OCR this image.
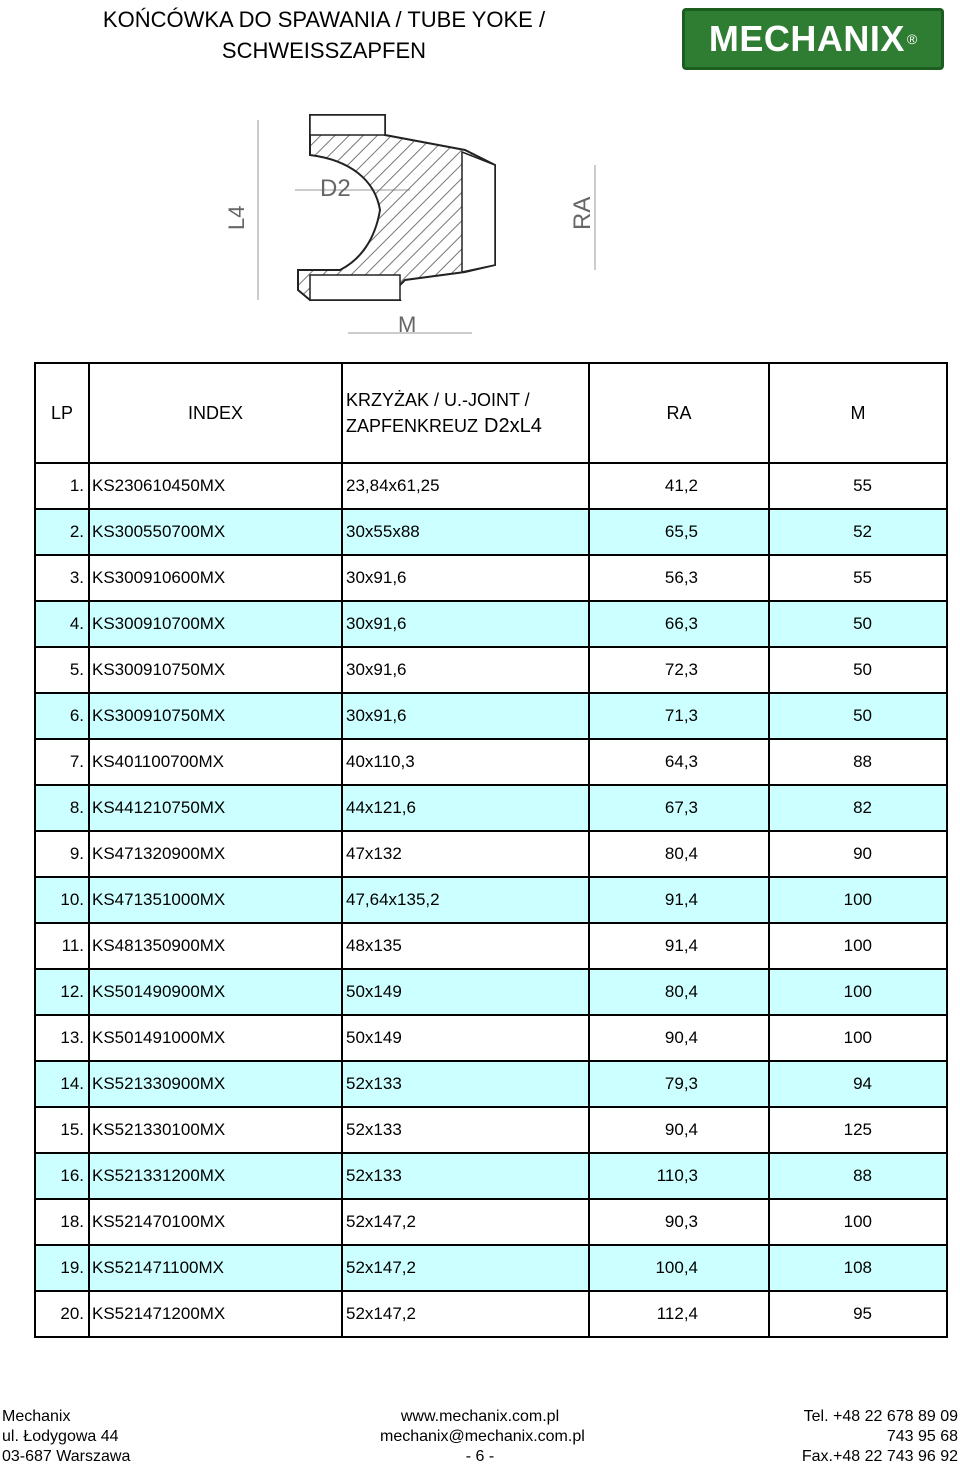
KOŃCÓWKA DO SPAWANIA / TUBE YOKE /
SCHWEISSZAPFEN	MECHANIX ®
L4
D2
RA
M
LP	INDEX	KRZYŻAK / U.-JOINT /
ZAPFENKREUZ D2xL4	RA	M
1.	KS230610450MX	23,84x61,25	41,2	55
2.	KS300550700MX	30x55x88	65,5	52
3.	KS300910600MX	30x91,6	56,3	55
4.	KS300910700MX	30x91,6	66,3	50
5.	KS300910750MX	30x91,6	72,3	50
6.	KS300910750MX	30x91,6	71,3	50
7.	KS401100700MX	40x110,3	64,3	88
8.	KS441210750MX	44x121,6	67,3	82
9.	KS471320900MX	47x132	80,4	90
10.	KS471351000MX	47,64x135,2	91,4	100
11.	KS481350900MX	48x135	91,4	100
12.	KS501490900MX	50x149	80,4	100
13.	KS501491000MX	50x149	90,4	100
14.	KS521330900MX	52x133	79,3	94
15.	KS521330100MX	52x133	90,4	125
16.	KS521331200MX	52x133	110,3	88
18.	KS521470100MX	52x147,2	90,3	100
19.	KS521471100MX	52x147,2	100,4	108
20.	KS521471200MX	52x147,2	112,4	95
Mechanix
ul. Łodygowa 44
03-687 Warszawa
www.mechanix.com.pl
mechanix@mechanix.com.pl
- 6 -
Tel. +48 22 678 89 09
743 95 68
Fax.+48 22 743 96 92
